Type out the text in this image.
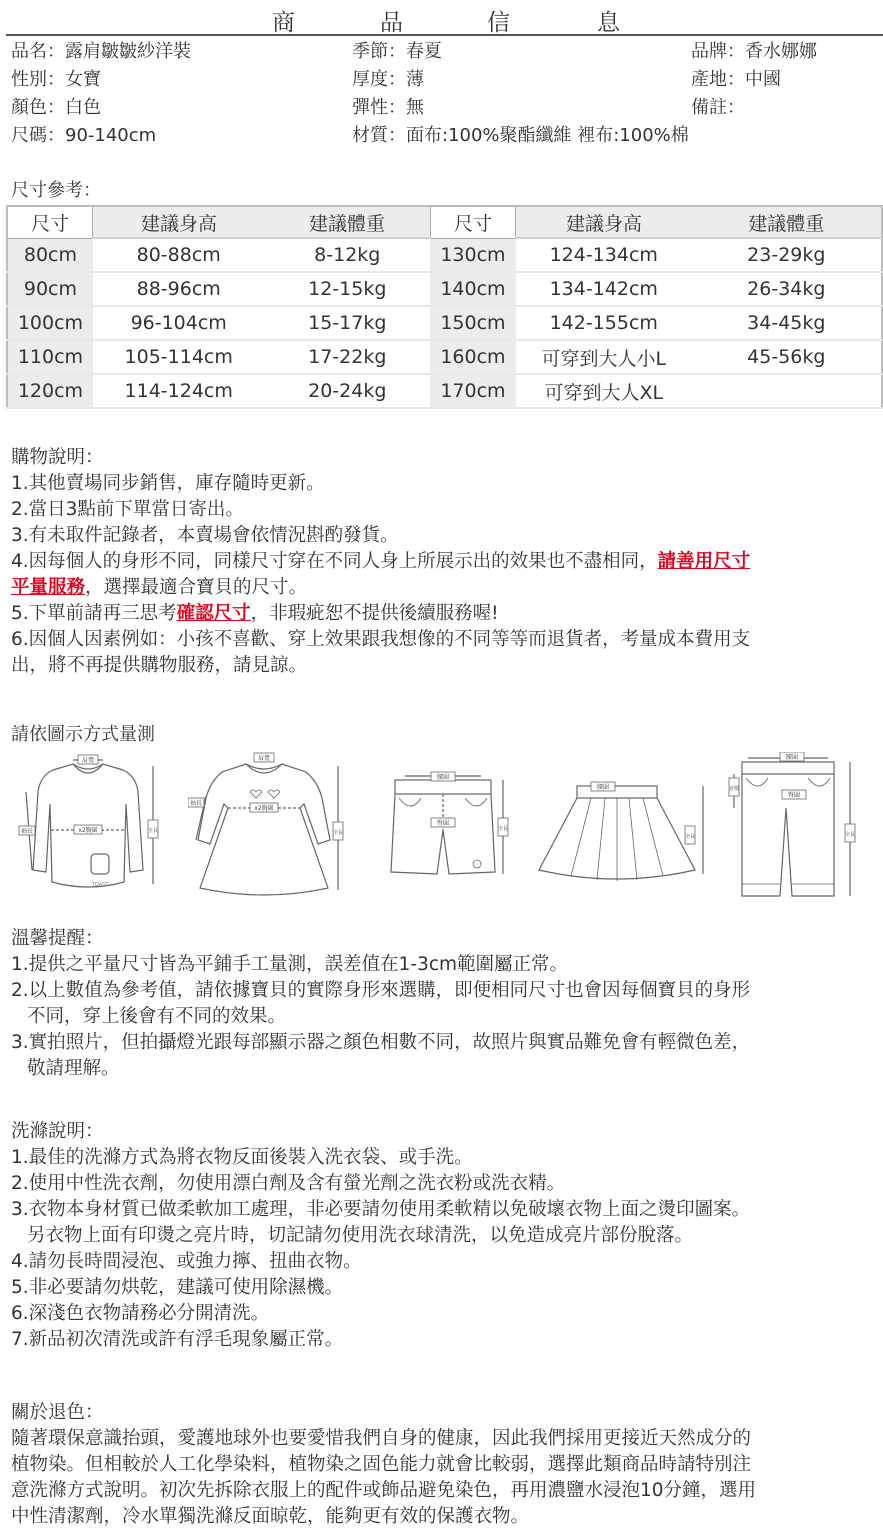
商	品	信	息
品名：露肩皺皺紗洋裝	季節：春夏	品牌：香水娜娜
性別：女寶	厚度：薄	產地：中國
顏色：白色	彈性：無	備註：
尺碼：90-140cm	材質：面布:100%聚酯纖維 裡布:100%棉
尺寸參考：
尺寸	建議身高	建議體重	尺寸	建議身高	建議體重
80cm	80-88cm	8-12kg	130cm	124-134cm	23-29kg
90cm	88-96cm	12-15kg	140cm	134-142cm	26-34kg
100cm	96-104cm	15-17kg	150cm	142-155cm	34-45kg
110cm	105-114cm	17-22kg	160cm	可穿到大人小L	45-56kg
120cm	114-124cm	20-24kg	170cm	可穿到大人XL	
購物說明：
1.其他賣場同步銷售，庫存隨時更新。
2.當日3點前下單當日寄出。
3.有未取件記錄者，本賣場會依情況斟酌發貨。
4.因每個人的身形不同，同樣尺寸穿在不同人身上所展示出的效果也不盡相同，請善用尺寸
平量服務，選擇最適合寶貝的尺寸。
5.下單前請再三思考確認尺寸，非瑕疵恕不提供後續服務喔!
6.因個人因素例如：小孩不喜歡、穿上效果跟我想像的不同等等而退貨者，考量成本費用支
出，將不再提供購物服務，請見諒。
請依圖示方式量測
肩寬
x2胸圍
袖長	全長
TOAST
肩寬
x2胸圍
袖長
全長
腰圍
臀圍
全長
腰圍
全長
腰圍
臀圍
直檔
全長
溫馨提醒：
1.提供之平量尺寸皆為平鋪手工量測，誤差值在1-3cm範圍屬正常。
2.以上數值為參考值，請依據寶貝的實際身形來選購，即便相同尺寸也會因每個寶貝的身形
不同，穿上後會有不同的效果。
3.實拍照片，但拍攝燈光跟每部顯示器之顏色相數不同，故照片與實品難免會有輕微色差，
敬請理解。
洗滌說明：
1.最佳的洗滌方式為將衣物反面後裝入洗衣袋、或手洗。
2.使用中性洗衣劑，勿使用漂白劑及含有螢光劑之洗衣粉或洗衣精。
3.衣物本身材質已做柔軟加工處理，非必要請勿使用柔軟精以免破壞衣物上面之燙印圖案。
另衣物上面有印燙之亮片時，切記請勿使用洗衣球清洗，以免造成亮片部份脫落。
4.請勿長時間浸泡、或強力擰、扭曲衣物。
5.非必要請勿烘乾，建議可使用除濕機。
6.深淺色衣物請務必分開清洗。
7.新品初次清洗或許有浮毛現象屬正常。
關於退色：
隨著環保意識抬頭，愛護地球外也要愛惜我們自身的健康，因此我們採用更接近天然成分的
植物染。但相較於人工化學染料，植物染之固色能力就會比較弱，選擇此類商品時請特別注
意洗滌方式說明。初次先拆除衣服上的配件或飾品避免染色，再用濃鹽水浸泡10分鐘，選用
中性清潔劑，冷水單獨洗滌反面晾乾，能夠更有效的保護衣物。
